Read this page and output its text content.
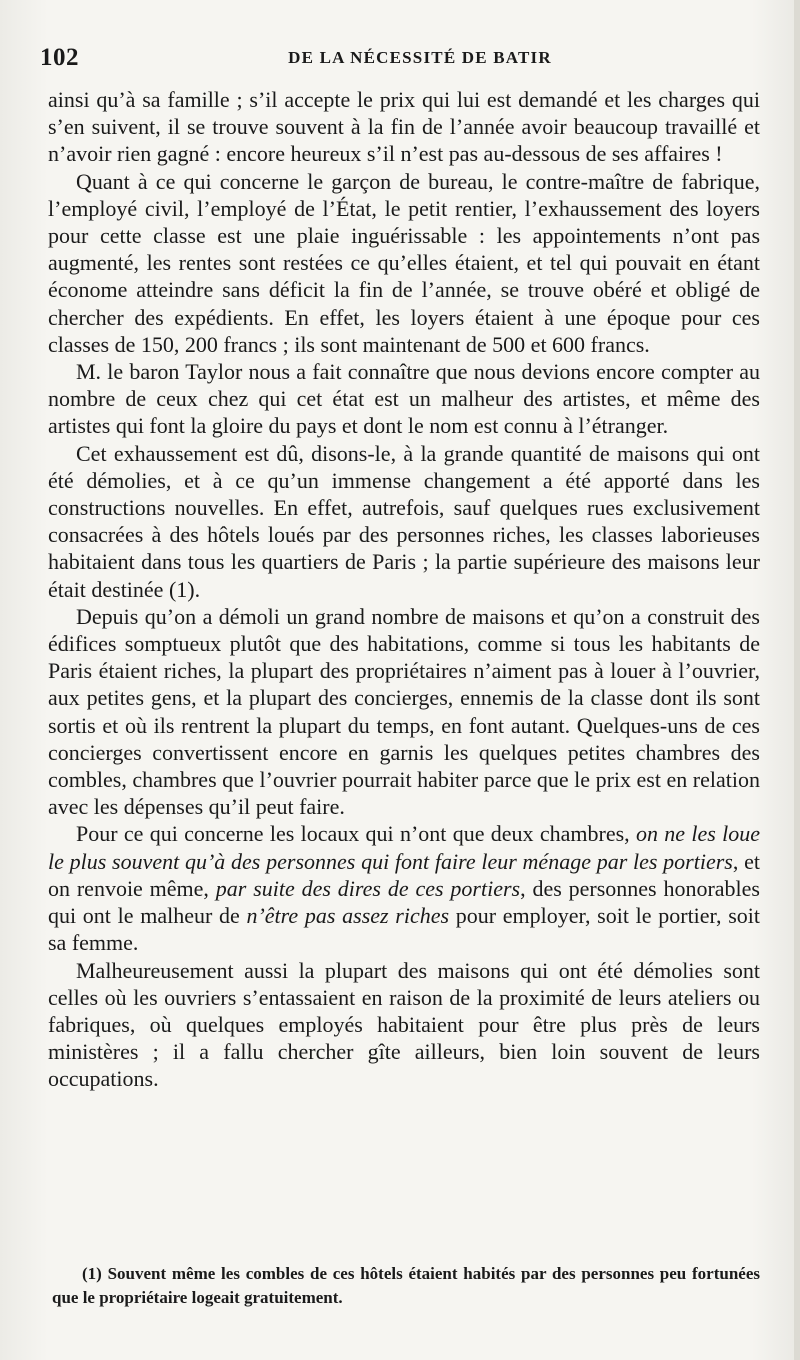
102	DE LA NÉCESSITÉ DE BATIR

ainsi qu’à sa famille ; s’il accepte le prix qui lui est demandé et les charges qui s’en suivent, il se trouve souvent à la fin de l’année avoir beaucoup travaillé et n’avoir rien gagné : encore heureux s’il n’est pas au-dessous de ses affaires !

Quant à ce qui concerne le garçon de bureau, le contre-maître de fabrique, l’employé civil, l’employé de l’État, le petit rentier, l’exhaussement des loyers pour cette classe est une plaie inguérissable : les appointements n’ont pas augmenté, les rentes sont restées ce qu’elles étaient, et tel qui pouvait en étant économe atteindre sans déficit la fin de l’année, se trouve obéré et obligé de chercher des expédients. En effet, les loyers étaient à une époque pour ces classes de 150, 200 francs ; ils sont maintenant de 500 et 600 francs.

M. le baron Taylor nous a fait connaître que nous devions encore compter au nombre de ceux chez qui cet état est un malheur des artistes, et même des artistes qui font la gloire du pays et dont le nom est connu à l’étranger.

Cet exhaussement est dû, disons-le, à la grande quantité de maisons qui ont été démolies, et à ce qu’un immense changement a été apporté dans les constructions nouvelles. En effet, autrefois, sauf quelques rues exclusivement consacrées à des hôtels loués par des personnes riches, les classes laborieuses habitaient dans tous les quartiers de Paris ; la partie supérieure des maisons leur était destinée (1).

Depuis qu’on a démoli un grand nombre de maisons et qu’on a construit des édifices somptueux plutôt que des habitations, comme si tous les habitants de Paris étaient riches, la plupart des propriétaires n’aiment pas à louer à l’ouvrier, aux petites gens, et la plupart des concierges, ennemis de la classe dont ils sont sortis et où ils rentrent la plupart du temps, en font autant. Quelques-uns de ces concierges convertissent encore en garnis les quelques petites chambres des combles, chambres que l’ouvrier pourrait habiter parce que le prix est en relation avec les dépenses qu’il peut faire.

Pour ce qui concerne les locaux qui n’ont que deux chambres, on ne les loue le plus souvent qu’à des personnes qui font faire leur ménage par les portiers, et on renvoie même, par suite des dires de ces portiers, des personnes honorables qui ont le malheur de n’être pas assez riches pour employer, soit le portier, soit sa femme.

Malheureusement aussi la plupart des maisons qui ont été démolies sont celles où les ouvriers s’entassaient en raison de la proximité de leurs ateliers ou fabriques, où quelques employés habitaient pour être plus près de leurs ministères ; il a fallu chercher gîte ailleurs, bien loin souvent de leurs occupations.

(1) Souvent même les combles de ces hôtels étaient habités par des personnes peu fortunées que le propriétaire logeait gratuitement.
